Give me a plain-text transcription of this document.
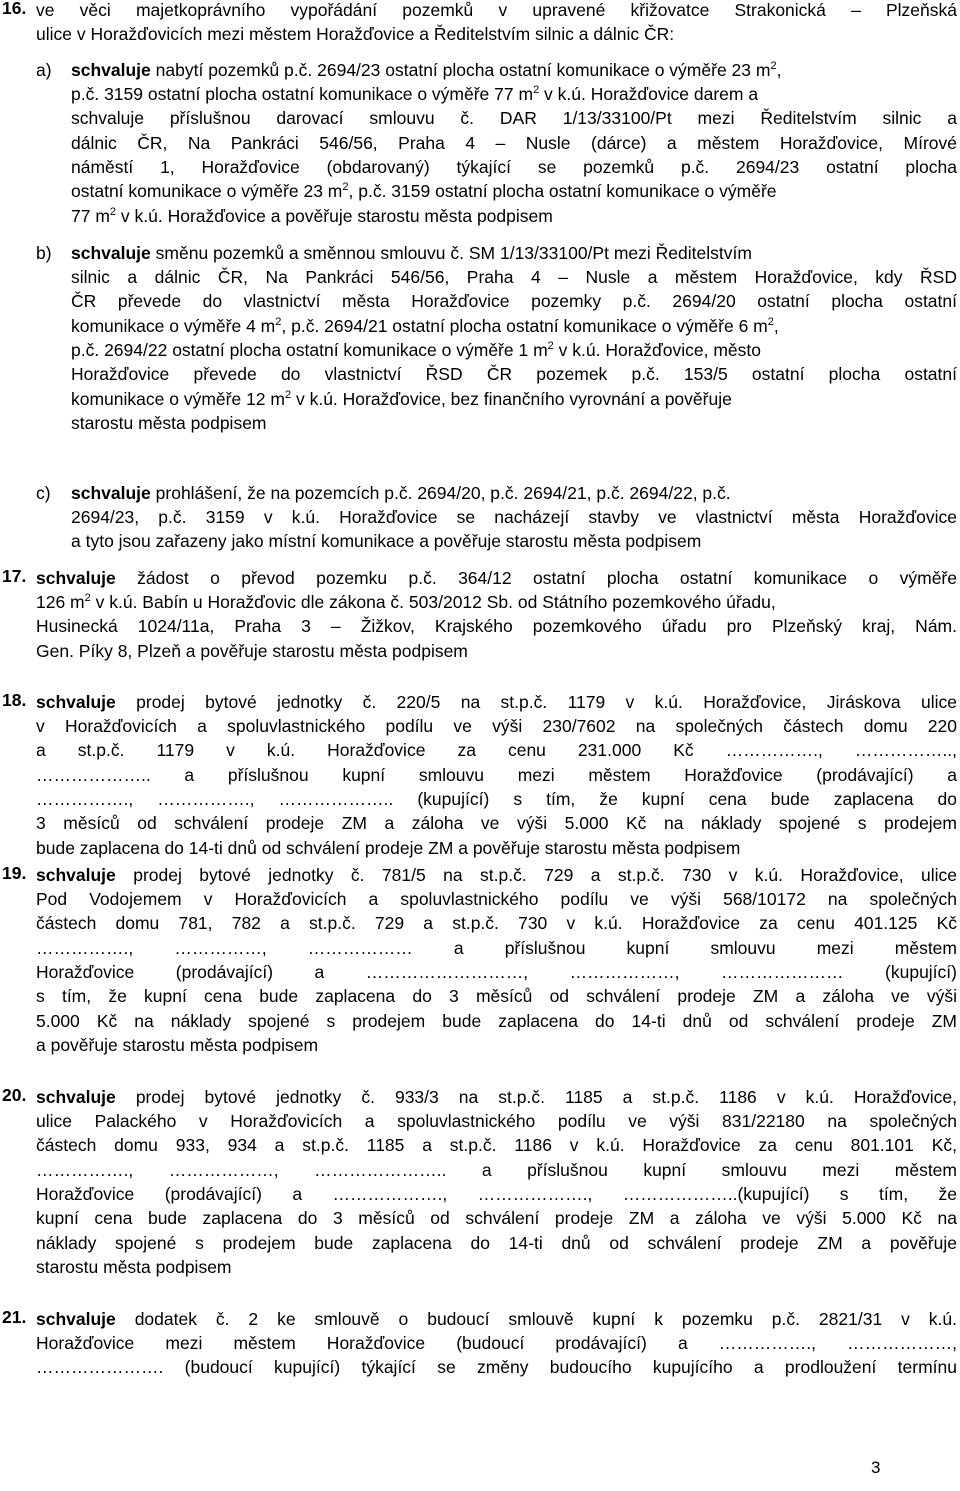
16. ve věci majetkoprávního vypořádání pozemků v upravené křižovatce Strakonická – Plzeňská
ulice v Horažďovicích mezi městem Horažďovice a Ředitelstvím silnic a dálnic ČR:
a) schvaluje nabytí pozemků p.č. 2694/23 ostatní plocha ostatní komunikace o výměře 23 $m^2$,
p.č. 3159 ostatní plocha ostatní komunikace o výměře 77 $m^2$ v k.ú. Horažďovice darem a
schvaluje příslušnou darovací smlouvu č. DAR 1/13/33100/Pt mezi Ředitelstvím silnic a
dálnic ČR, Na Pankráci 546/56, Praha 4 – Nusle (dárce) a městem Horažďovice, Mírové
náměstí 1, Horažďovice (obdarovaný) týkající se pozemků p.č. 2694/23 ostatní plocha
ostatní komunikace o výměře 23 $m^2$, p.č. 3159 ostatní plocha ostatní komunikace o výměře
77 $m^2$ v k.ú. Horažďovice a pověřuje starostu města podpisem
b) schvaluje směnu pozemků a směnnou smlouvu č. SM 1/13/33100/Pt mezi Ředitelstvím
silnic a dálnic ČR, Na Pankráci 546/56, Praha 4 – Nusle a městem Horažďovice, kdy ŘSD
ČR převede do vlastnictví města Horažďovice pozemky p.č. 2694/20 ostatní plocha ostatní
komunikace o výměře 4 $m^2$, p.č. 2694/21 ostatní plocha ostatní komunikace o výměře 6 $m^2$,
p.č. 2694/22 ostatní plocha ostatní komunikace o výměře 1 $m^2$ v k.ú. Horažďovice, město
Horažďovice převede do vlastnictví ŘSD ČR pozemek p.č. 153/5 ostatní plocha ostatní
komunikace o výměře 12 $m^2$ v k.ú. Horažďovice, bez finančního vyrovnání a pověřuje
starostu města podpisem
c) schvaluje prohlášení, že na pozemcích p.č. 2694/20, p.č. 2694/21, p.č. 2694/22, p.č.
2694/23, p.č. 3159 v k.ú. Horažďovice se nacházejí stavby ve vlastnictví města Horažďovice
a tyto jsou zařazeny jako místní komunikace a pověřuje starostu města podpisem
17. schvaluje žádost o převod pozemku p.č. 364/12 ostatní plocha ostatní komunikace o výměře
126 $m^2$ v k.ú. Babín u Horažďovic dle zákona č. 503/2012 Sb. od Státního pozemkového úřadu,
Husinecká 1024/11a, Praha 3 – Žižkov, Krajského pozemkového úřadu pro Plzeňský kraj, Nám.
Gen. Píky 8, Plzeň a pověřuje starostu města podpisem
18. schvaluje prodej bytové jednotky č. 220/5 na st.p.č. 1179 v k.ú. Horažďovice, Jiráskova ulice
v Horažďovicích a spoluvlastnického podílu ve výši 230/7602 na společných částech domu 220
a st.p.č. 1179 v k.ú. Horažďovice za cenu 231.000 Kč ……………., ……………..,
……………….. a příslušnou kupní smlouvu mezi městem Horažďovice (prodávající) a
……………., ……………., ……………….. (kupující) s tím, že kupní cena bude zaplacena do
3 měsíců od schválení prodeje ZM a záloha ve výši 5.000 Kč na náklady spojené s prodejem
bude zaplacena do 14-ti dnů od schválení prodeje ZM a pověřuje starostu města podpisem
19. schvaluje prodej bytové jednotky č. 781/5 na st.p.č. 729 a st.p.č. 730 v k.ú. Horažďovice, ulice
Pod Vodojemem v Horažďovicích a spoluvlastnického podílu ve výši 568/10172 na společných
částech domu 781, 782 a st.p.č. 729 a st.p.č. 730 v k.ú. Horažďovice za cenu 401.125 Kč
……………., ……………, ……………… a příslušnou kupní smlouvu mezi městem
Horažďovice (prodávající) a ………………………, ………………, ………………… (kupující)
s tím, že kupní cena bude zaplacena do 3 měsíců od schválení prodeje ZM a záloha ve výši
5.000 Kč na náklady spojené s prodejem bude zaplacena do 14-ti dnů od schválení prodeje ZM
a pověřuje starostu města podpisem
20. schvaluje prodej bytové jednotky č. 933/3 na st.p.č. 1185 a st.p.č. 1186 v k.ú. Horažďovice,
ulice Palackého v Horažďovicích a spoluvlastnického podílu ve výši 831/22180 na společných
částech domu 933, 934 a st.p.č. 1185 a st.p.č. 1186 v k.ú. Horažďovice za cenu 801.101 Kč,
……………., ………………, ………………….. a příslušnou kupní smlouvu mezi městem
Horažďovice (prodávající) a ………………., ………………., ………………..(kupující) s tím, že
kupní cena bude zaplacena do 3 měsíců od schválení prodeje ZM a záloha ve výši 5.000 Kč na
náklady spojené s prodejem bude zaplacena do 14-ti dnů od schválení prodeje ZM a pověřuje
starostu města podpisem
21. schvaluje dodatek č. 2 ke smlouvě o budoucí smlouvě kupní k pozemku p.č. 2821/31 v k.ú.
Horažďovice mezi městem Horažďovice (budoucí prodávající) a ……………., ………………,
…………………. (budoucí kupující) týkající se změny budoucího kupujícího a prodloužení termínu
3
